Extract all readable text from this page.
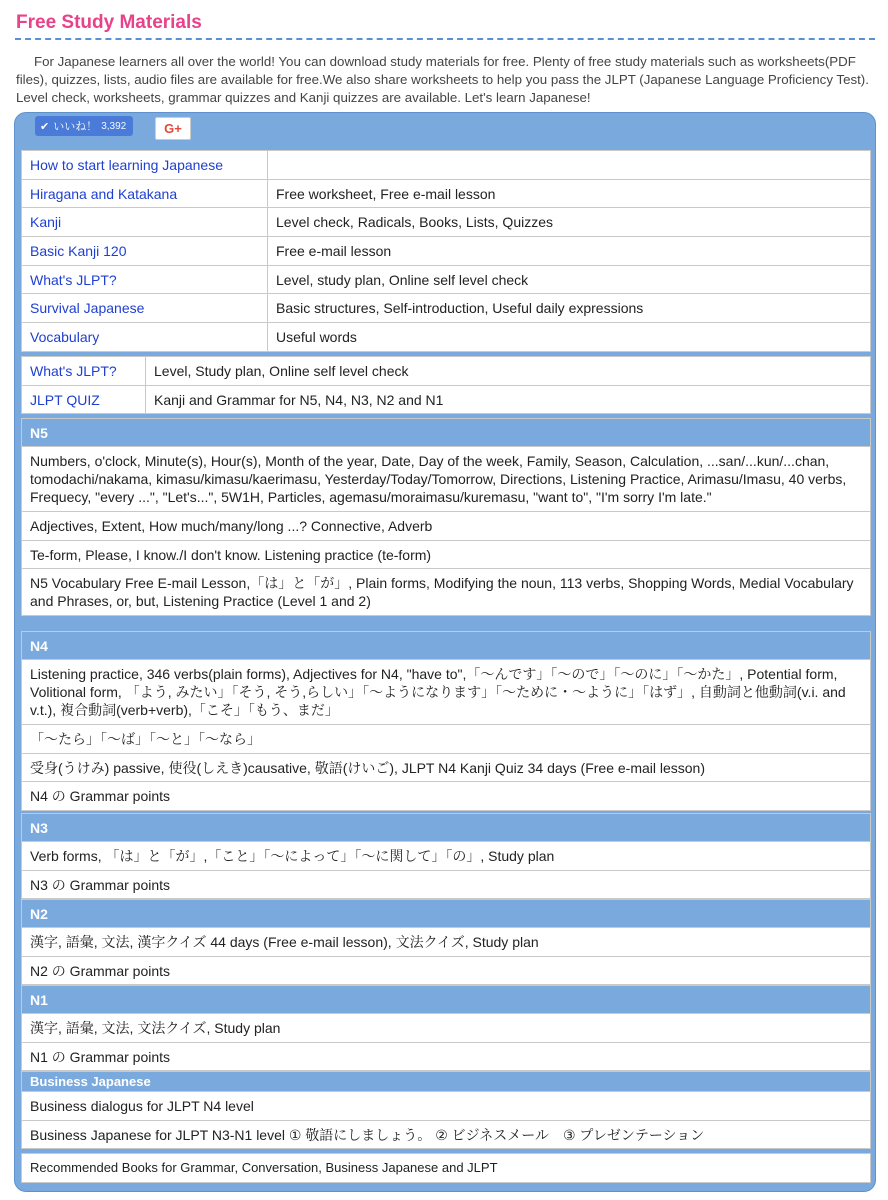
Free Study Materials

For Japanese learners all over the world! You can download study materials for free. Plenty of free study materials such as worksheets(PDF files), quizzes, lists, audio files are available for free.We also share worksheets to help you pass the JLPT (Japanese Language Proficiency Test). Level check, worksheets, grammar quizzes and Kanji quizzes are available. Let's learn Japanese!

✔ いいね！ 3,392	G+
How to start learning Japanese	
Hiragana and Katakana	Free worksheet, Free e-mail lesson
Kanji	Level check, Radicals, Books, Lists, Quizzes
Basic Kanji 120	Free e-mail lesson
What's JLPT?	Level, study plan, Online self level check
Survival Japanese	Basic structures, Self-introduction, Useful daily expressions
Vocabulary	Useful words
What's JLPT?	Level, Study plan, Online self level check
JLPT QUIZ	Kanji and Grammar for N5, N4, N3, N2 and N1
N5
Numbers, o'clock, Minute(s), Hour(s), Month of the year, Date, Day of the week, Family, Season, Calculation, ...san/...kun/...chan, tomodachi/nakama, kimasu/kimasu/kaerimasu, Yesterday/Today/Tomorrow, Directions, Listening Practice, Arimasu/Imasu, 40 verbs, Frequecy, "every ...", "Let's...", 5W1H, Particles, agemasu/moraimasu/kuremasu, "want to", "I'm sorry I'm late."
Adjectives, Extent, How much/many/long ...? Connective, Adverb
Te-form, Please, I know./I don't know. Listening practice (te-form)
N5 Vocabulary Free E-mail Lesson,「は」と「が」, Plain forms, Modifying the noun, 113 verbs, Shopping Words, Medial Vocabulary and Phrases, or, but, Listening Practice (Level 1 and 2)
N4
Listening practice, 346 verbs(plain forms), Adjectives for N4, "have to",「〜んです」「〜ので」「〜のに」「〜かた」, Potential form, Volitional form, 「よう, みたい」「そう, そう,らしい」「〜ようになります」「〜ために・〜ように」「はず」, 自動詞と他動詞(v.i. and v.t.), 複合動詞(verb+verb),「こそ」「もう、まだ」
「〜たら」「〜ば」「〜と」「〜なら」
受身(うけみ) passive, 使役(しえき)causative, 敬語(けいご), JLPT N4 Kanji Quiz 34 days (Free e-mail lesson)
N4 の Grammar points
N3
Verb forms, 「は」と「が」,「こと」「〜によって」「〜に関して」「の」, Study plan
N3 の Grammar points
N2
漢字, 語彙, 文法, 漢字クイズ 44 days (Free e-mail lesson), 文法クイズ, Study plan
N2 の Grammar points
N1
漢字, 語彙, 文法, 文法クイズ, Study plan
N1 の Grammar points
Business Japanese
Business dialogus for JLPT N4 level
Business Japanese for JLPT N3-N1 level ① 敬語にしましょう。 ② ビジネスメール　③ プレゼンテーション
Recommended Books for Grammar, Conversation, Business Japanese and JLPT
